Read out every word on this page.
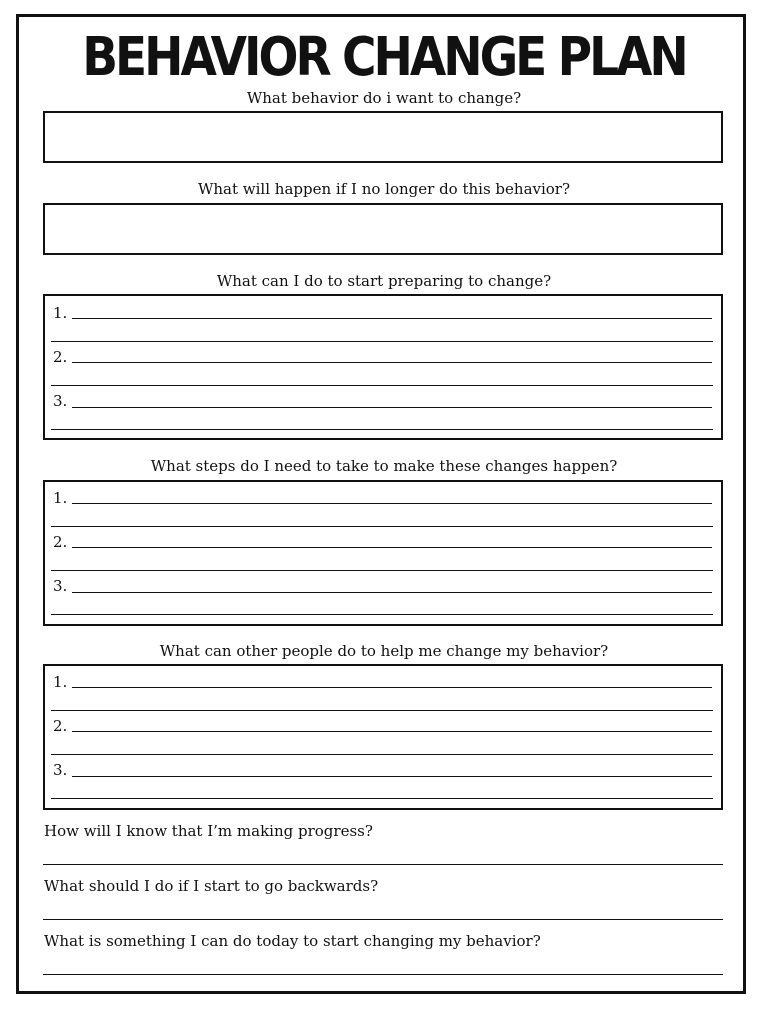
BEHAVIOR CHANGE PLAN

What behavior do i want to change?

What will happen if I no longer do this behavior?

What can I do to start preparing to change?

1.
2.
3.

What steps do I need to take to make these changes happen?

1.
2.
3.

What can other people do to help me change my behavior?

1.
2.
3.

How will I know that I’m making progress?

What should I do if I start to go backwards?

What is something I can do today to start changing my behavior?
